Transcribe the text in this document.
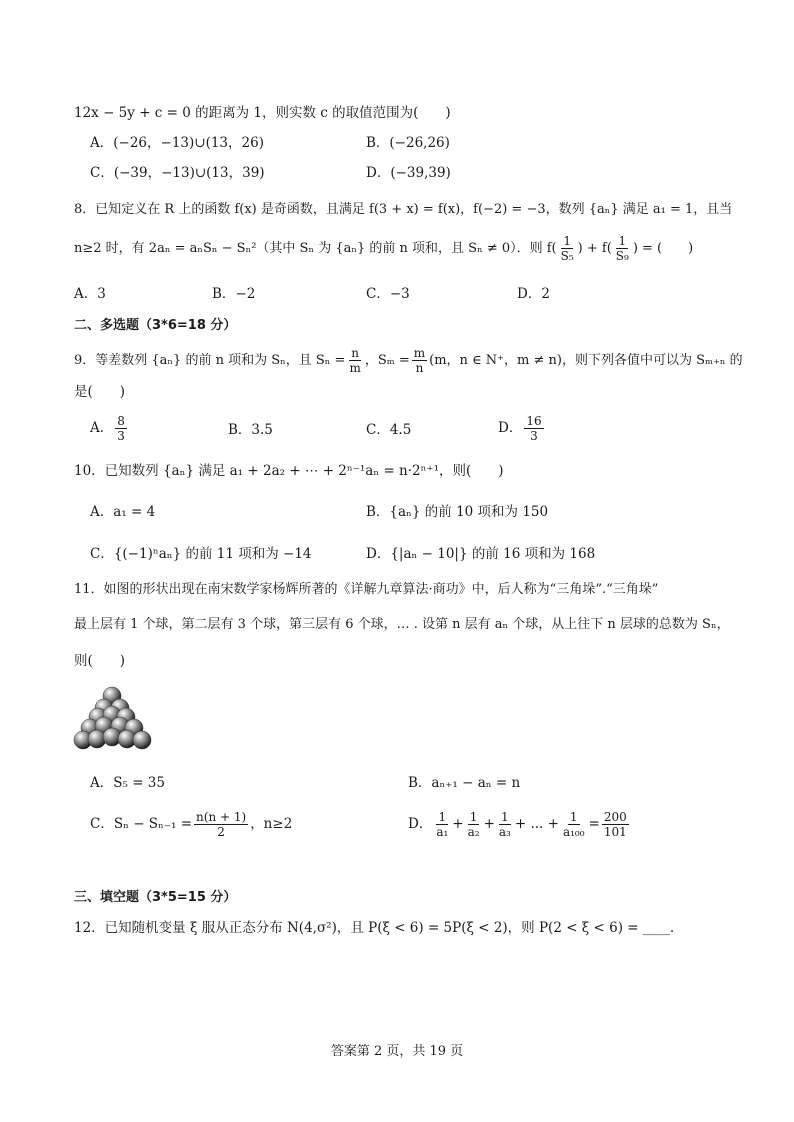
12x − 5y + c = 0 的距离为 1，则实数 c 的取值范围为(　　)
A．(−26，−13)∪(13，26)	B．(−26,26)
C．(−39，−13)∪(13，39)	D．(−39,39)
8．已知定义在 R 上的函数 f(x) 是奇函数，且满足 f(3 + x) = f(x)，f(−2) = −3，数列 {aₙ} 满足 a₁ = 1，且当
n≥2 时，有 2aₙ = aₙSₙ − Sₙ²（其中 Sₙ 为 {aₙ} 的前 n 项和，且 Sₙ ≠ 0）．则 $f( \frac{1}{\text{S₅}}$ ) + $f( \frac{1}{\text{S₉}}$ ) = (　　)
A．3	B．−2	C．−3	D．2
二、多选题（3*6=18 分）
9．等差数列 {aₙ} 的前 n 项和为 Sₙ，且 $S_n = \frac{n}{m}$ ，$S_m = \frac{m}{n} (m$，n ∈ N⁺，m ≠ n)，则下列各值中可以为 Sₘ₊ₙ 的
是(　　)
A． $\frac{8}{3}$	B．3.5	C．4.5	D． $\frac{16}{3}$
10．已知数列 {aₙ} 满足 a₁ + 2a₂ + ⋯ + 2ⁿ⁻¹aₙ = n·2ⁿ⁺¹，则(　　)
A．a₁ = 4	B．{aₙ} 的前 10 项和为 150
C．{(−1)ⁿaₙ} 的前 11 项和为 −14	D．{|aₙ − 10|} 的前 16 项和为 168
11．如图的形状出现在南宋数学家杨辉所著的《详解九章算法·商功》中，后人称为“三角垛”.“三角垛”
最上层有 1 个球，第二层有 3 个球，第三层有 6 个球，… . 设第 n 层有 aₙ 个球，从上往下 n 层球的总数为 Sₙ，
则(　　)
A．S₅ = 35	B．aₙ₊₁ − aₙ = n
C．$S_n - S_{n-1} = \frac{n(n + 1)}{2}$ ，n≥2	D． $\frac{1}{\text{a₁}} + \frac{1}{\text{a₂}} + \frac{1}{\text{a₃}}$ + ... + $\frac{1}{\text{a₁₀₀}} = \frac{200}{101}$
三、填空题（3*5=15 分）
12．已知随机变量 ξ 服从正态分布 N(4,σ²)，且 P(ξ < 6) = 5P(ξ < 2)，则 P(2 < ξ < 6) = ____.
答案第 2 页，共 19 页
